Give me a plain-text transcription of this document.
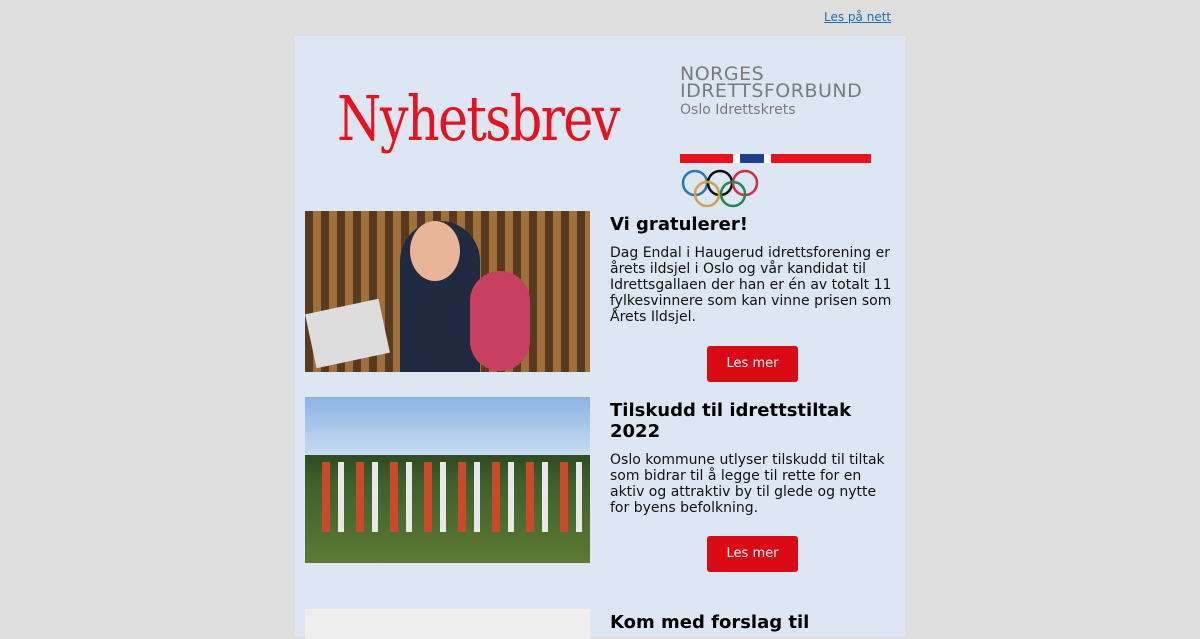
Les på nett
Nyhetsbrev
NORGES
IDRETTSFORBUND
Oslo Idrettskrets
Vi gratulerer!

Dag Endal i Haugerud idrettsforening er årets ildsjel i Oslo og vår kandidat til Idrettsgallaen der han er én av totalt 11 fylkesvinnere som kan vinne prisen som Årets Ildsjel.

Les mer
Tilskudd til idrettstiltak 2022

Oslo kommune utlyser tilskudd til tiltak som bidrar til å legge til rette for en aktiv og attraktiv by til glede og nytte for byens befolkning.

Les mer
Kom med forslag til
